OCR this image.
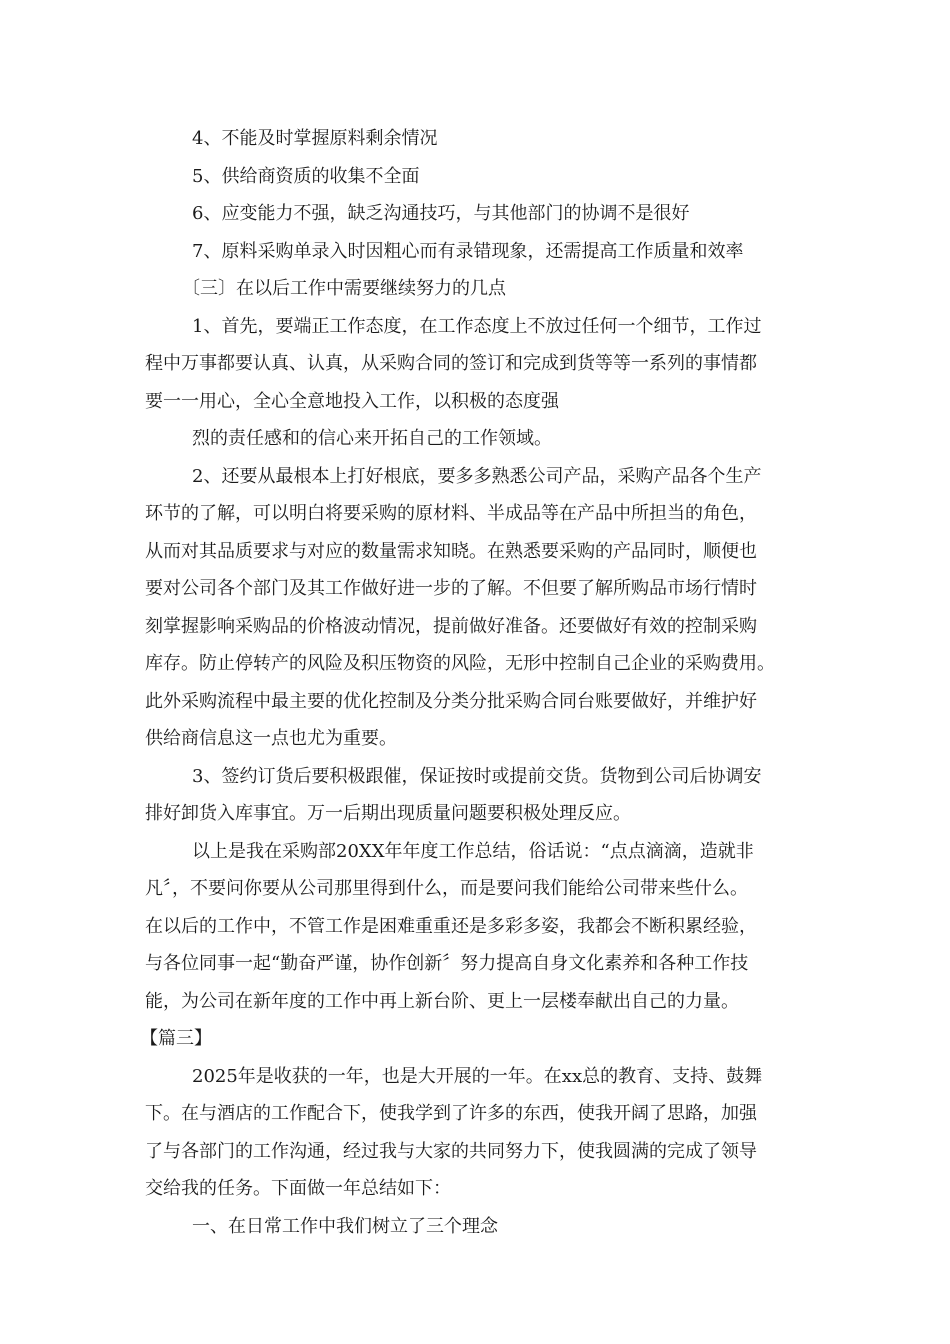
4、不能及时掌握原料剩余情况
5、供给商资质的收集不全面
6、应变能力不强，缺乏沟通技巧，与其他部门的协调不是很好
7、原料采购单录入时因粗心而有录错现象，还需提高工作质量和效率
〔三〕在以后工作中需要继续努力的几点
1、首先，要端正工作态度，在工作态度上不放过任何一个细节，工作过
程中万事都要认真、认真，从采购合同的签订和完成到货等等一系列的事情都
要一一用心，全心全意地投入工作，以积极的态度强
烈的责任感和的信心来开拓自己的工作领域。
2、还要从最根本上打好根底，要多多熟悉公司产品，采购产品各个生产
环节的了解，可以明白将要采购的原材料、半成品等在产品中所担当的角色，
从而对其品质要求与对应的数量需求知晓。在熟悉要采购的产品同时，顺便也
要对公司各个部门及其工作做好进一步的了解。不但要了解所购品市场行情时
刻掌握影响采购品的价格波动情况，提前做好准备。还要做好有效的控制采购
库存。防止停转产的风险及积压物资的风险，无形中控制自己企业的采购费用。
此外采购流程中最主要的优化控制及分类分批采购合同台账要做好，并维护好
供给商信息这一点也尤为重要。
3、签约订货后要积极跟催，保证按时或提前交货。货物到公司后协调安
排好卸货入库事宜。万一后期出现质量问题要积极处理反应。
以上是我在采购部20XX年年度工作总结，俗话说：“点点滴滴，造就非
凡〞，不要问你要从公司那里得到什么，而是要问我们能给公司带来些什么。
在以后的工作中，不管工作是困难重重还是多彩多姿，我都会不断积累经验，
与各位同事一起“勤奋严谨，协作创新〞努力提高自身文化素养和各种工作技
能，为公司在新年度的工作中再上新台阶、更上一层楼奉献出自己的力量。
【篇三】
2025年是收获的一年，也是大开展的一年。在xx总的教育、支持、鼓舞
下。在与酒店的工作配合下，使我学到了许多的东西，使我开阔了思路，加强
了与各部门的工作沟通，经过我与大家的共同努力下，使我圆满的完成了领导
交给我的任务。下面做一年总结如下：
一、在日常工作中我们树立了三个理念
